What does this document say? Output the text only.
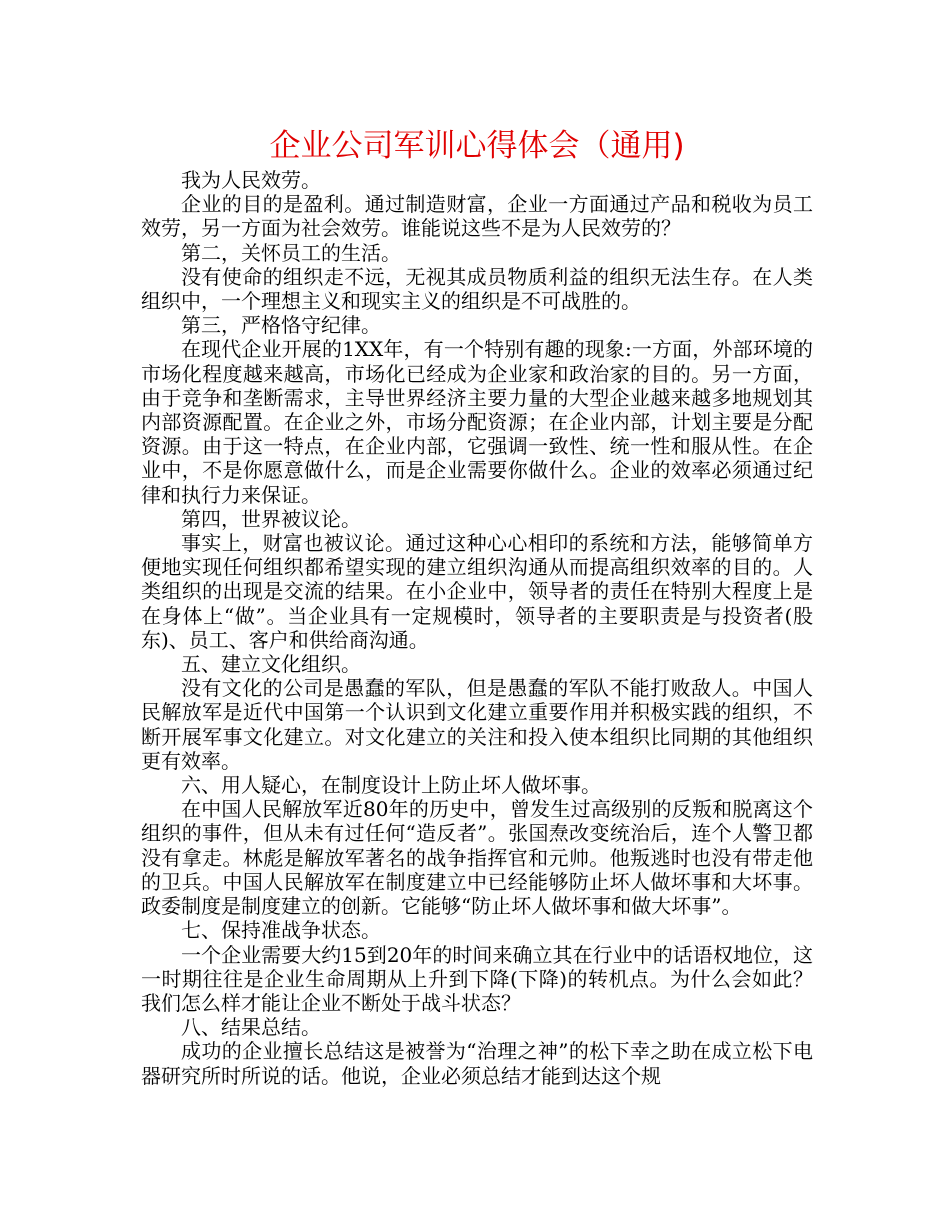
企业公司军训心得体会（通用)

我为人民效劳。

企业的目的是盈利。通过制造财富，企业一方面通过产品和税收为员工效劳，另一方面为社会效劳。谁能说这些不是为人民效劳的？

第二，关怀员工的生活。

没有使命的组织走不远，无视其成员物质利益的组织无法生存。在人类组织中，一个理想主义和现实主义的组织是不可战胜的。

第三，严格恪守纪律。

在现代企业开展的1XX年，有一个特别有趣的现象:一方面，外部环境的市场化程度越来越高，市场化已经成为企业家和政治家的目的。另一方面，由于竞争和垄断需求，主导世界经济主要力量的大型企业越来越多地规划其内部资源配置。在企业之外，市场分配资源；在企业内部，计划主要是分配资源。由于这一特点，在企业内部，它强调一致性、统一性和服从性。在企业中，不是你愿意做什么，而是企业需要你做什么。企业的效率必须通过纪律和执行力来保证。

第四，世界被议论。

事实上，财富也被议论。通过这种心心相印的系统和方法，能够简单方便地实现任何组织都希望实现的建立组织沟通从而提高组织效率的目的。人类组织的出现是交流的结果。在小企业中，领导者的责任在特别大程度上是在身体上“做”。当企业具有一定规模时，领导者的主要职责是与投资者(股东)、员工、客户和供给商沟通。

五、建立文化组织。

没有文化的公司是愚蠢的军队，但是愚蠢的军队不能打败敌人。中国人民解放军是近代中国第一个认识到文化建立重要作用并积极实践的组织，不断开展军事文化建立。对文化建立的关注和投入使本组织比同期的其他组织更有效率。

六、用人疑心，在制度设计上防止坏人做坏事。

在中国人民解放军近80年的历史中，曾发生过高级别的反叛和脱离这个组织的事件，但从未有过任何“造反者”。张国焘改变统治后，连个人警卫都没有拿走。林彪是解放军著名的战争指挥官和元帅。他叛逃时也没有带走他的卫兵。中国人民解放军在制度建立中已经能够防止坏人做坏事和大坏事。政委制度是制度建立的创新。它能够“防止坏人做坏事和做大坏事”。

七、保持准战争状态。

一个企业需要大约15到20年的时间来确立其在行业中的话语权地位，这一时期往往是企业生命周期从上升到下降(下降)的转机点。为什么会如此？我们怎么样才能让企业不断处于战斗状态？

八、结果总结。

成功的企业擅长总结这是被誉为“治理之神”的松下幸之助在成立松下电器研究所时所说的话。他说，企业必须总结才能到达这个规
